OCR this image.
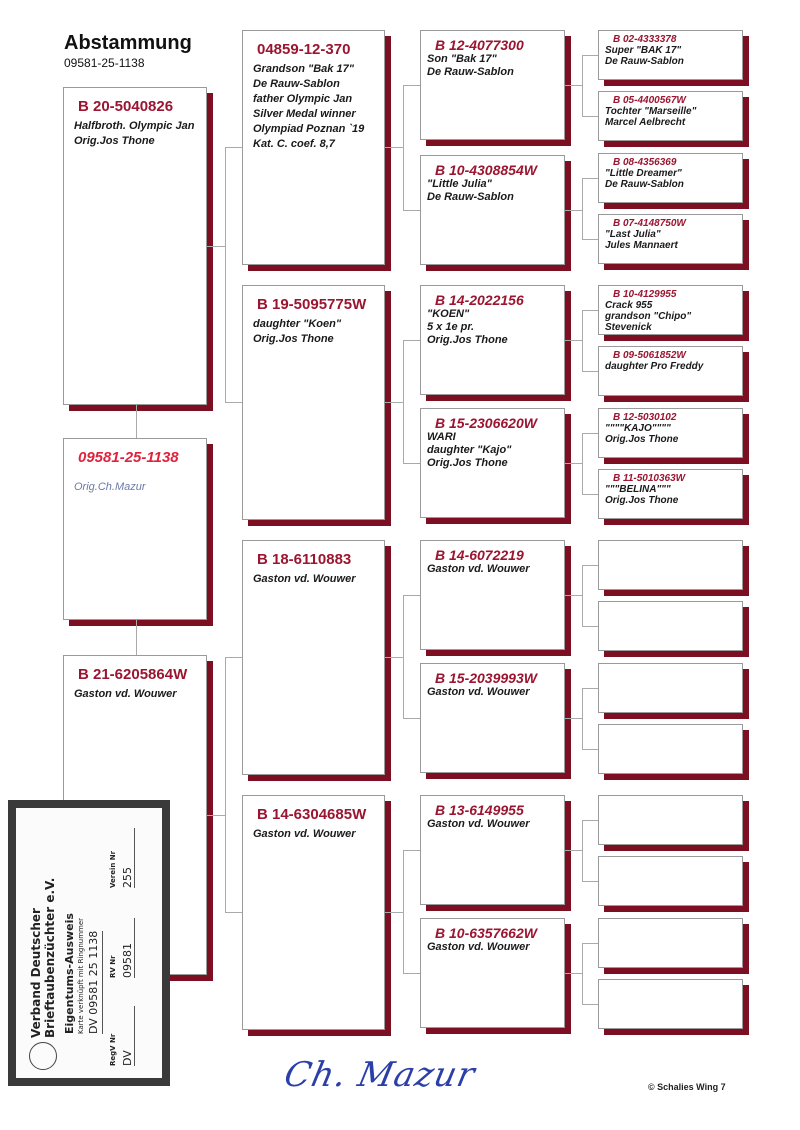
Abstammung
09581-25-1138
B 20-5040826
Halfbroth. Olympic Jan
Orig.Jos Thone
09581-25-1138
Orig.Ch.Mazur
B 21-6205864W
Gaston vd. Wouwer
04859-12-370
Grandson "Bak 17"
De Rauw-Sablon
father Olympic Jan
Silver Medal winner
Olympiad Poznan `19
Kat. C. coef. 8,7
B 19-5095775W
daughter "Koen"
Orig.Jos Thone
B 18-6110883
Gaston vd. Wouwer
B 14-6304685W
Gaston vd. Wouwer
B 12-4077300
Son "Bak 17"
De Rauw-Sablon
B 10-4308854W
"Little Julia"
De Rauw-Sablon
B 14-2022156
"KOEN"
5 x 1e pr.
Orig.Jos Thone
B 15-2306620W
WARI
daughter "Kajo"
Orig.Jos Thone
B 14-6072219
Gaston vd. Wouwer
B 15-2039993W
Gaston vd. Wouwer
B 13-6149955
Gaston vd. Wouwer
B 10-6357662W
Gaston vd. Wouwer
B 02-4333378
Super "BAK 17"
De Rauw-Sablon
B 05-4400567W
Tochter "Marseille"
Marcel Aelbrecht
B 08-4356369
"Little Dreamer"
De Rauw-Sablon
B 07-4148750W
"Last Julia"
Jules Mannaert
B 10-4129955
Crack 955
grandson "Chipo"
Stevenick
B 09-5061852W
daughter Pro Freddy
B 12-5030102
""""KAJO""""
Orig.Jos Thone
B 11-5010363W
"""BELINA"""
Orig.Jos Thone
Verband Deutscher Brieftaubenzüchter e.V. Eigentums-Ausweis Karte verknüpft mit Ringnummer DV 09581 25 1138
RegV Nr DV
RV Nr 09581
Verein Nr 255
Ch. Mazur	© Schalies Wing 7
